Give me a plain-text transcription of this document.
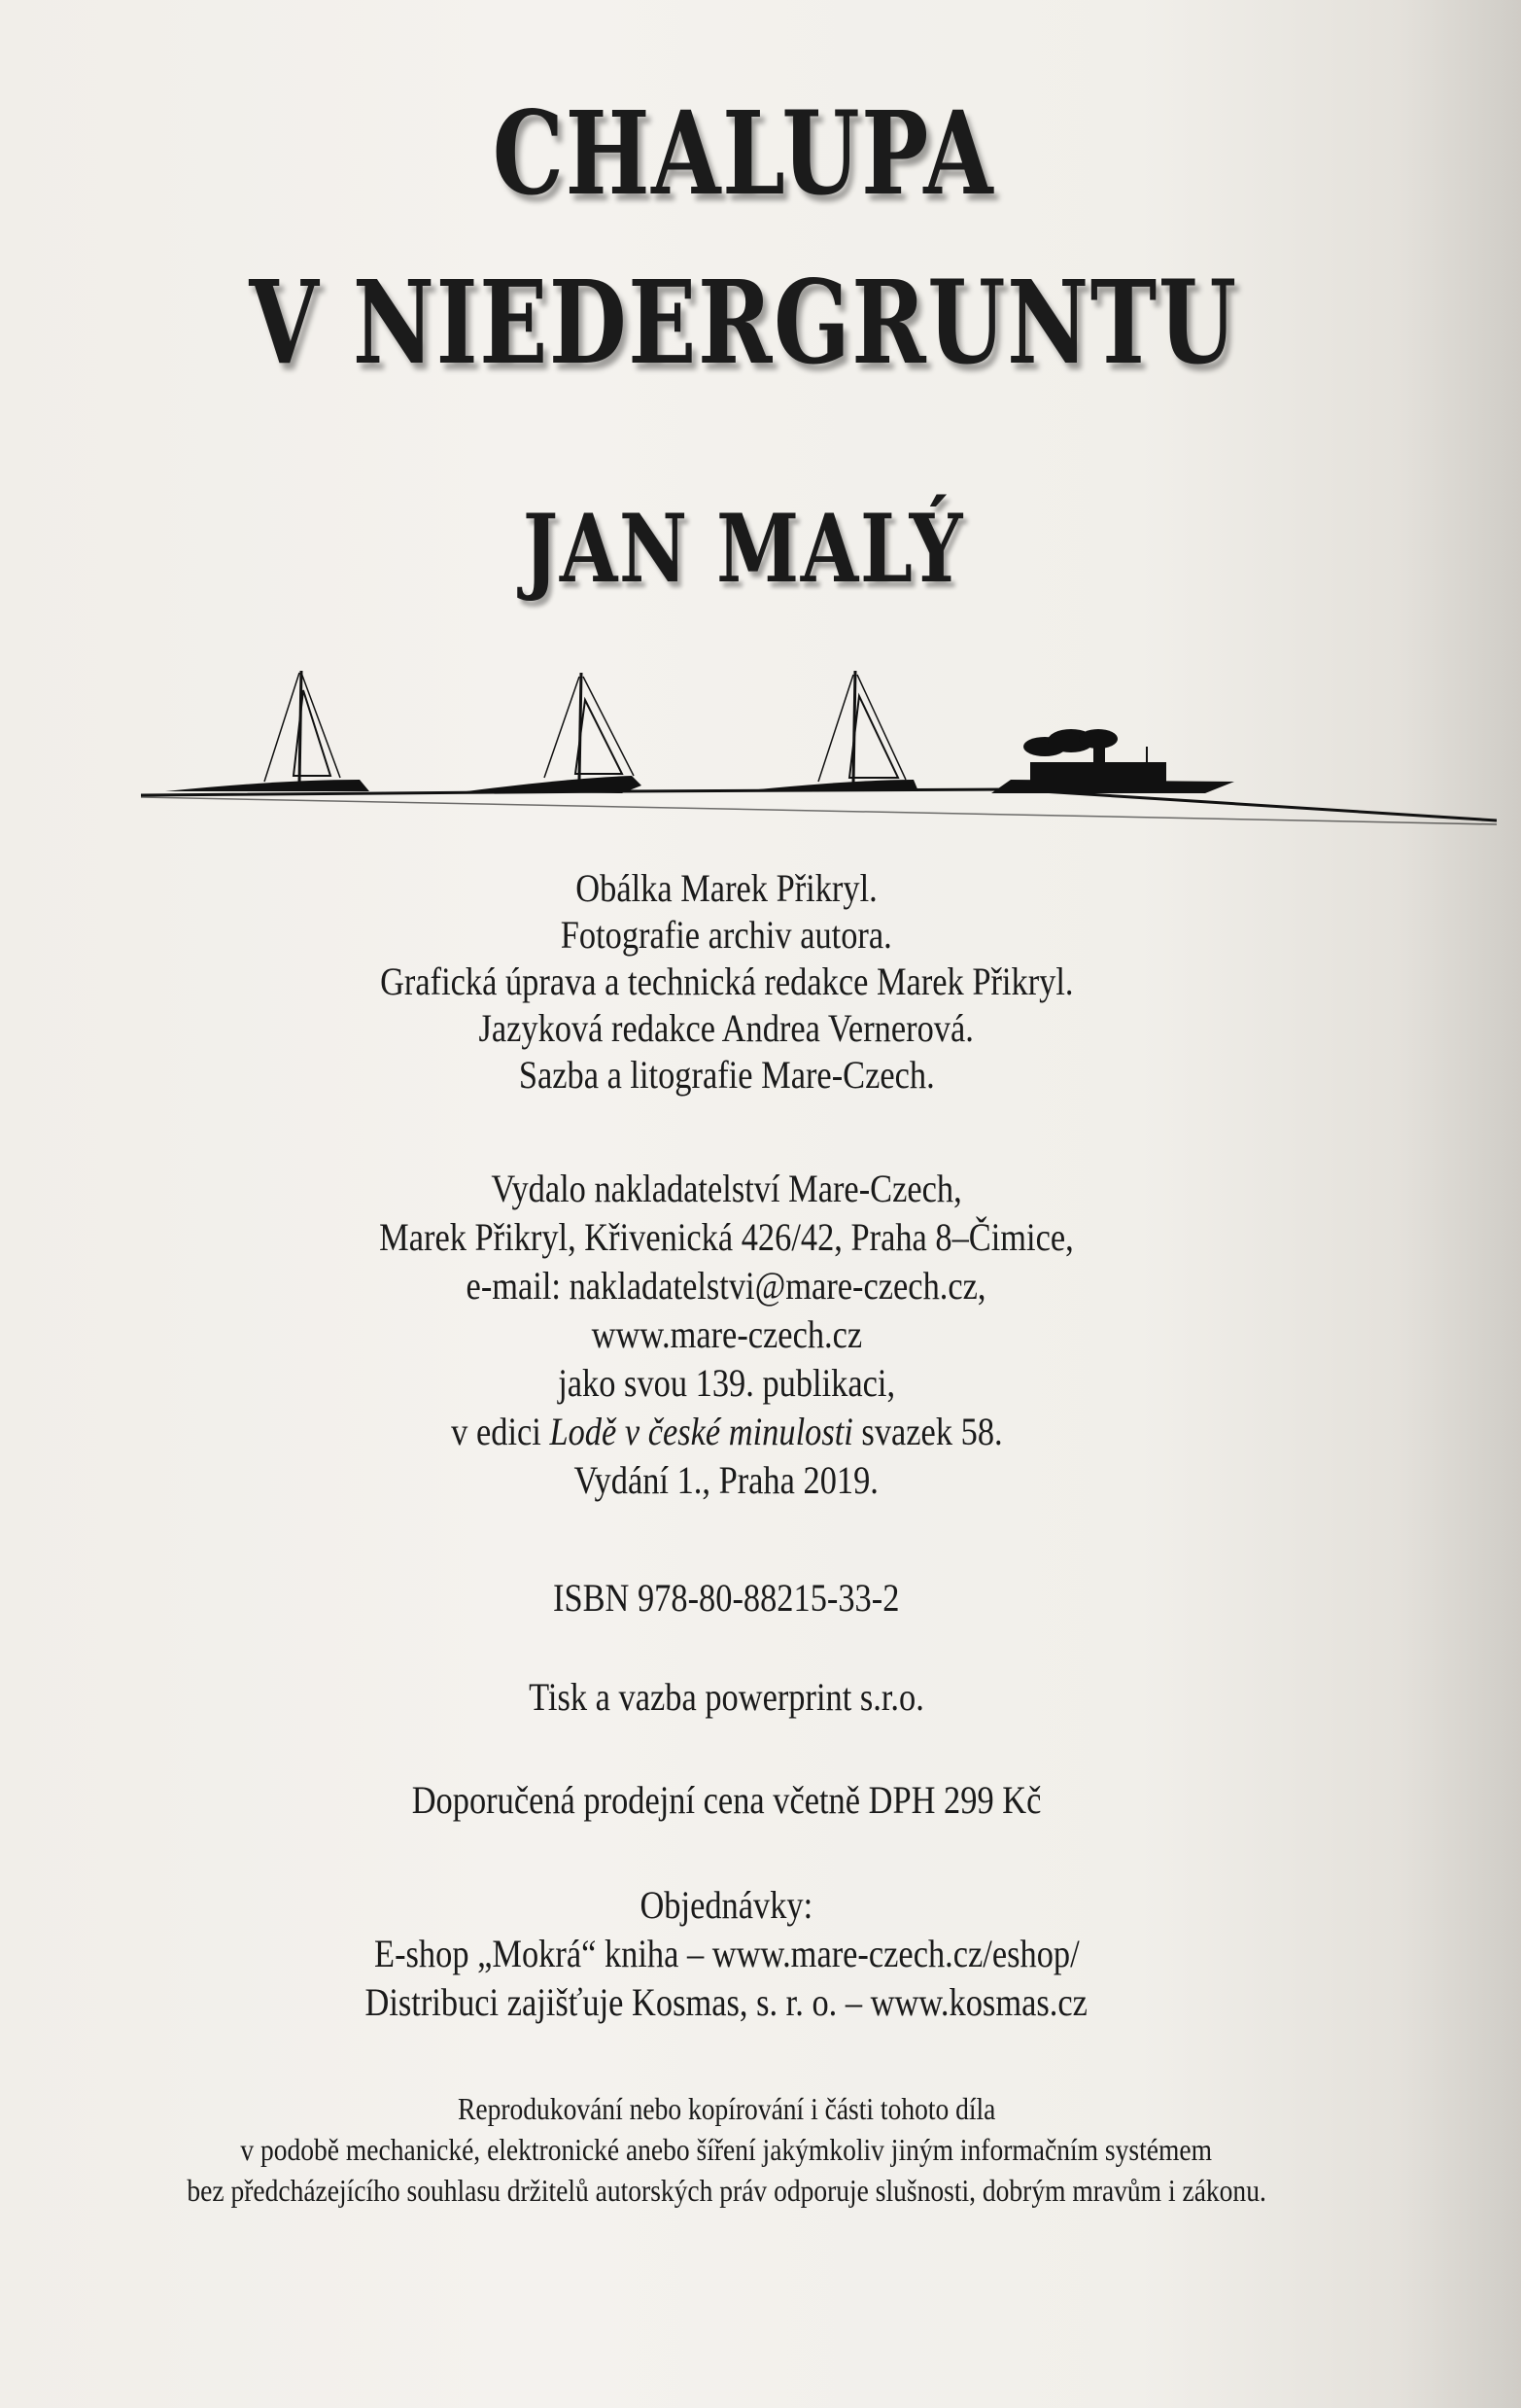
CHALUPA
V NIEDERGRUNTU
JAN MALÝ

Obálka Marek Přikryl.

Fotografie archiv autora.

Grafická úprava a technická redakce Marek Přikryl.

Jazyková redakce Andrea Vernerová.

Sazba a litografie Mare-Czech.

Vydalo nakladatelství Mare-Czech,

Marek Přikryl, Křivenická 426/42, Praha 8–Čimice,

e-mail: nakladatelstvi@mare-czech.cz,

www.mare-czech.cz

jako svou 139. publikaci,

v edici Lodě v české minulosti svazek 58.

Vydání 1., Praha 2019.

ISBN 978-80-88215-33-2

Tisk a vazba powerprint s.r.o.

Doporučená prodejní cena včetně DPH 299 Kč

Objednávky:

E-shop „Mokrá“ kniha – www.mare-czech.cz/eshop/

Distribuci zajišťuje Kosmas, s. r. o. – www.kosmas.cz

Reprodukování nebo kopírování i části tohoto díla

v podobě mechanické, elektronické anebo šíření jakýmkoliv jiným informačním systémem

bez předcházejícího souhlasu držitelů autorských práv odporuje slušnosti, dobrým mravům i zákonu.
